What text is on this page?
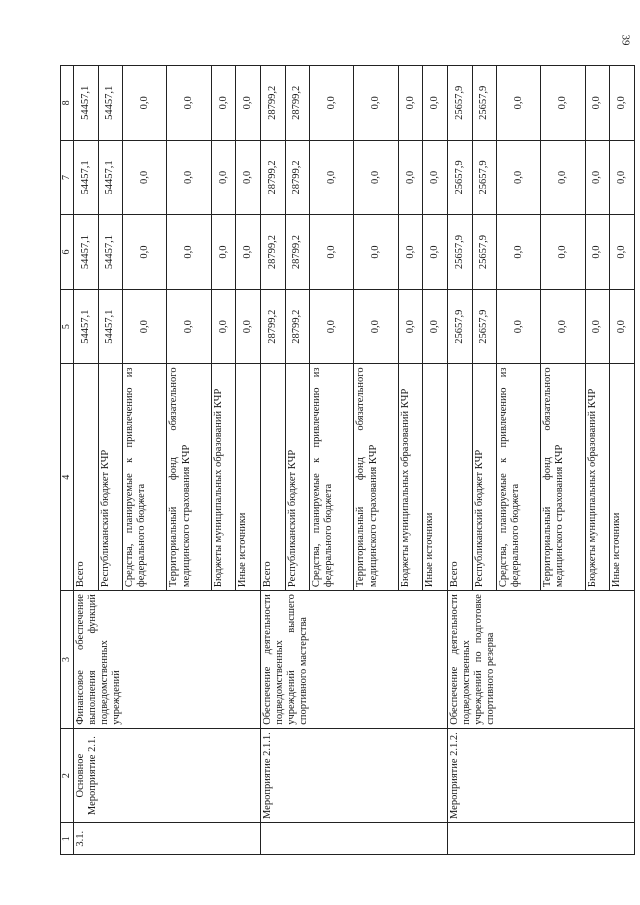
39
1	2	3	4	5	6	7	8
3.1.	Основное Мероприятие 2.1.	Финансовое обеспечение выполнения функций подведомственных учреждений	Всего	54457,1	54457,1	54457,1	54457,1
			Республиканский бюджет КЧР	54457,1	54457,1	54457,1	54457,1
			Средства, планируемые к привлечению из федерального бюджета	0,0	0,0	0,0	0,0
			Территориальный фонд обязательного медицинского страхования КЧР	0,0	0,0	0,0	0,0
			Бюджеты муниципальных образований КЧР	0,0	0,0	0,0	0,0
			Иные источники	0,0	0,0	0,0	0,0
	Мероприятие 2.1.1.	Обеспечение деятельности подведомственных учреждений высшего спортивного мастерства	Всего	28799,2	28799,2	28799,2	28799,2
			Республиканский бюджет КЧР	28799,2	28799,2	28799,2	28799,2
			Средства, планируемые к привлечению из федерального бюджета	0,0	0,0	0,0	0,0
			Территориальный фонд обязательного медицинского страхования КЧР	0,0	0,0	0,0	0,0
			Бюджеты муниципальных образований КЧР	0,0	0,0	0,0	0,0
			Иные источники	0,0	0,0	0,0	0,0
	Мероприятие 2.1.2.	Обеспечение деятельности подведомственных учреждений по подготовке спортивного резерва	Всего	25657,9	25657,9	25657,9	25657,9
			Республиканский бюджет КЧР	25657,9	25657,9	25657,9	25657,9
			Средства, планируемые к привлечению из федерального бюджета	0,0	0,0	0,0	0,0
			Территориальный фонд обязательного медицинского страхования КЧР	0,0	0,0	0,0	0,0
			Бюджеты муниципальных образований КЧР	0,0	0,0	0,0	0,0
			Иные источники	0,0	0,0	0,0	0,0
